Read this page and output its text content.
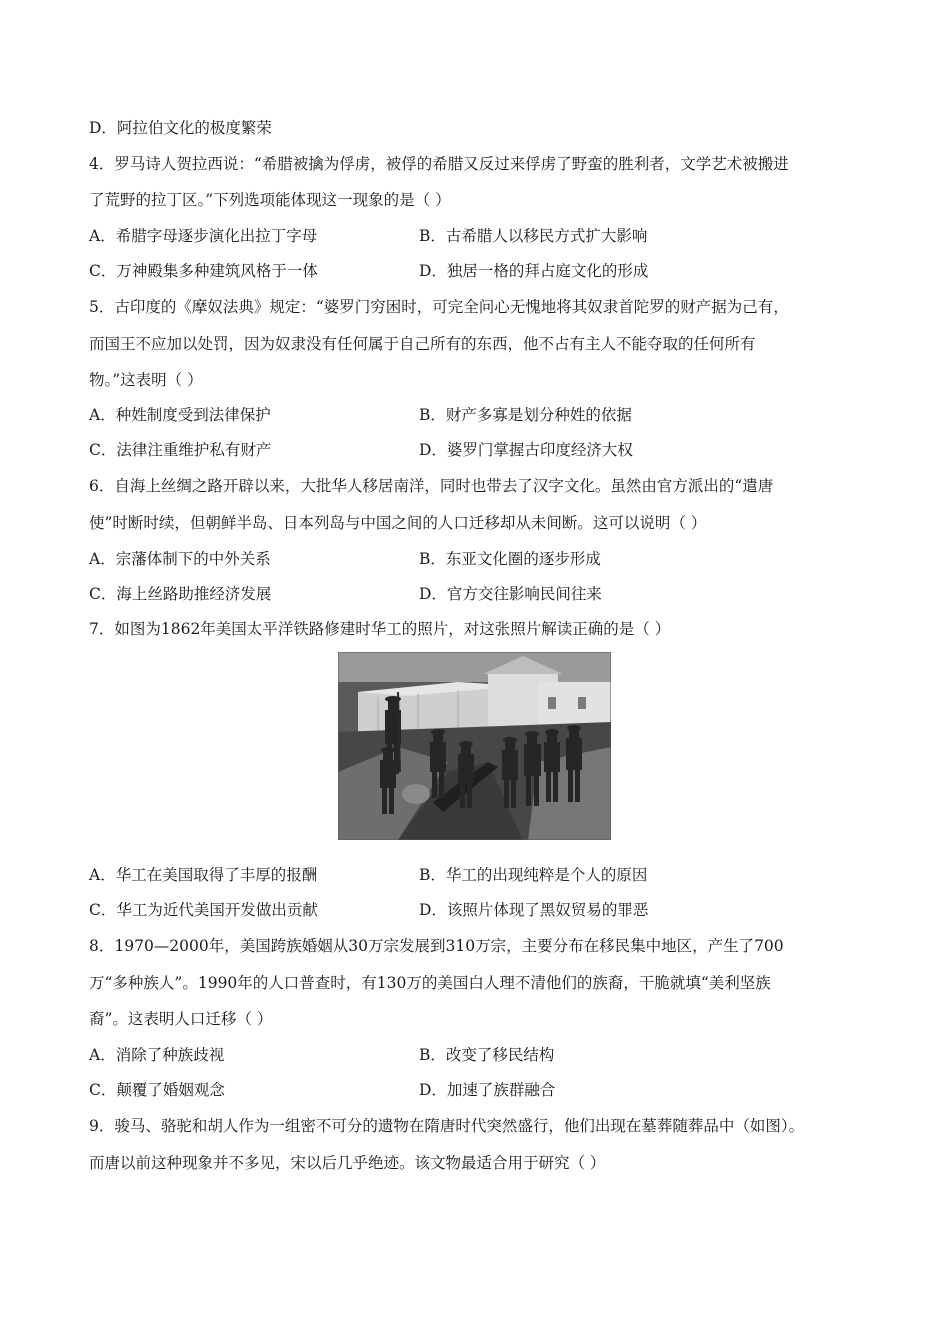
D．阿拉伯文化的极度繁荣
4．罗马诗人贺拉西说：“希腊被擒为俘虏，被俘的希腊又反过来俘虏了野蛮的胜利者，文学艺术被搬进
了荒野的拉丁区。”下列选项能体现这一现象的是（ ）
A．希腊字母逐步演化出拉丁字母	B．古希腊人以移民方式扩大影响
C．万神殿集多种建筑风格于一体	D．独居一格的拜占庭文化的形成
5．古印度的《摩奴法典》规定：“婆罗门穷困时，可完全问心无愧地将其奴隶首陀罗的财产据为己有，
而国王不应加以处罚，因为奴隶没有任何属于自己所有的东西，他不占有主人不能夺取的任何所有
物。”这表明（ ）
A．种姓制度受到法律保护	B．财产多寡是划分种姓的依据
C．法律注重维护私有财产	D．婆罗门掌握古印度经济大权
6．自海上丝绸之路开辟以来，大批华人移居南洋，同时也带去了汉字文化。虽然由官方派出的“遣唐
使”时断时续，但朝鲜半岛、日本列岛与中国之间的人口迁移却从未间断。这可以说明（ ）
A．宗藩体制下的中外关系	B．东亚文化圈的逐步形成
C．海上丝路助推经济发展	D．官方交往影响民间往来
7．如图为1862年美国太平洋铁路修建时华工的照片，对这张照片解读正确的是（ ）
A．华工在美国取得了丰厚的报酬	B．华工的出现纯粹是个人的原因
C．华工为近代美国开发做出贡献	D．该照片体现了黑奴贸易的罪恶
8．1970—2000年，美国跨族婚姻从30万宗发展到310万宗，主要分布在移民集中地区，产生了700
万“多种族人”。1990年的人口普查时，有130万的美国白人理不清他们的族裔，干脆就填“美利坚族
裔”。这表明人口迁移（ ）
A．消除了种族歧视	B．改变了移民结构
C．颠覆了婚姻观念	D．加速了族群融合
9．骏马、骆驼和胡人作为一组密不可分的遗物在隋唐时代突然盛行，他们出现在墓葬随葬品中（如图）。
而唐以前这种现象并不多见，宋以后几乎绝迹。该文物最适合用于研究（ ）
